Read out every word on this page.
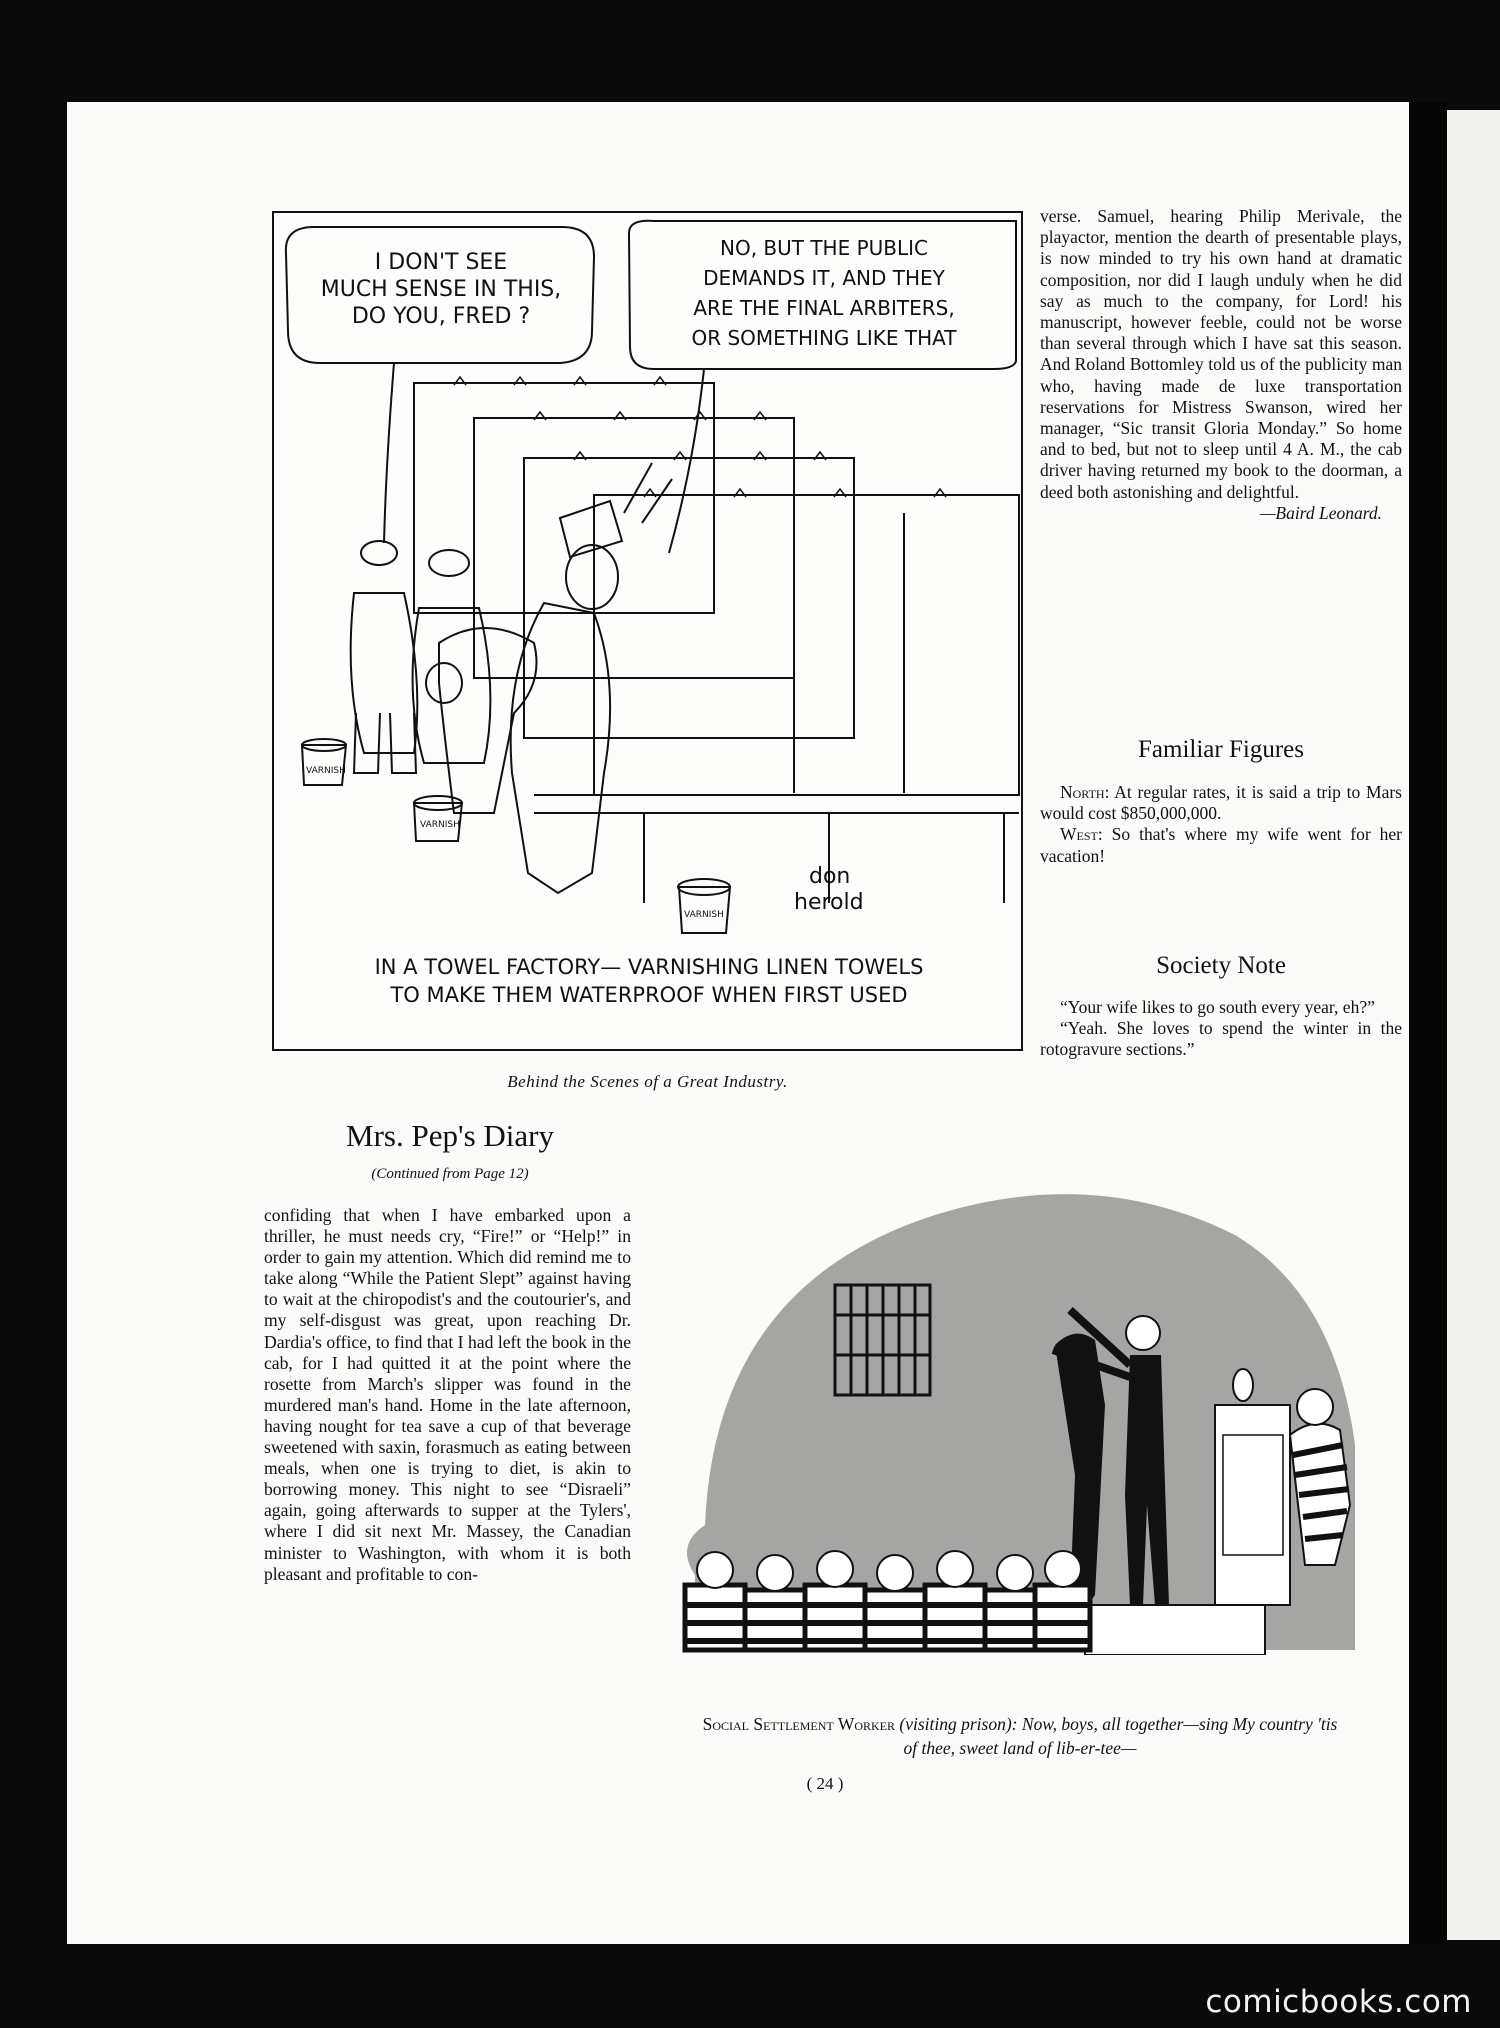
VARNISH
VARNISH
VARNISH
don
herold
I DON'T SEE
MUCH SENSE IN THIS,
DO YOU, FRED ?
NO, BUT THE PUBLIC
DEMANDS IT, AND THEY
ARE THE FINAL ARBITERS,
OR SOMETHING LIKE THAT
IN A TOWEL FACTORY— VARNISHING LINEN TOWELS
TO MAKE THEM WATERPROOF WHEN FIRST USED
Behind the Scenes of a Great Industry.

verse. Samuel, hearing Philip Merivale, the playactor, mention the dearth of presentable plays, is now minded to try his own hand at dramatic composition, nor did I laugh unduly when he did say as much to the company, for Lord! his manuscript, however feeble, could not be worse than several through which I have sat this season. And Roland Bottomley told us of the publicity man who, having made de luxe transportation reservations for Mistress Swanson, wired her manager, “Sic transit Gloria Monday.” So home and to bed, but not to sleep until 4 A. M., the cab driver having returned my book to the doorman, a deed both astonishing and delightful.

—Baird Leonard.

Familiar Figures

North: At regular rates, it is said a trip to Mars would cost $850,000,000.

West: So that's where my wife went for her vacation!

Society Note

“Your wife likes to go south every year, eh?”

“Yeah. She loves to spend the winter in the rotogravure sections.”

Mrs. Pep's Diary
(Continued from Page 12)

confiding that when I have embarked upon a thriller, he must needs cry, “Fire!” or “Help!” in order to gain my attention. Which did remind me to take along “While the Patient Slept” against having to wait at the chiropodist's and the coutourier's, and my self-disgust was great, upon reaching Dr. Dardia's office, to find that I had left the book in the cab, for I had quitted it at the point where the rosette from March's slipper was found in the murdered man's hand. Home in the late afternoon, having nought for tea save a cup of that beverage sweetened with saxin, forasmuch as eating between meals, when one is trying to diet, is akin to borrowing money. This night to see “Disraeli” again, going afterwards to supper at the Tylers', where I did sit next Mr. Massey, the Canadian minister to Washington, with whom it is both pleasant and profitable to con-

Social Settlement Worker (visiting prison): Now, boys, all together—sing My country 'tis of thee, sweet land of lib-er-tee—
( 24 )
comicbooks.com
